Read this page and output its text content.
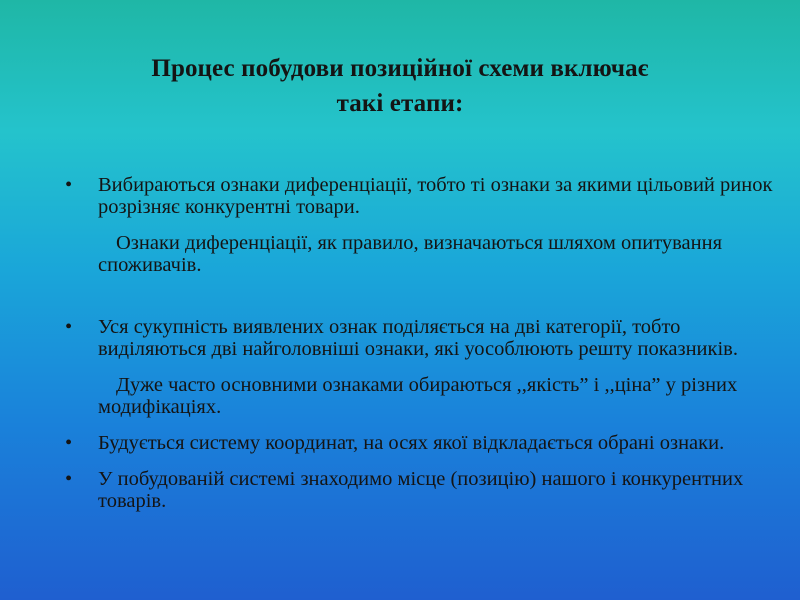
Процес побудови позиційної схеми включає
такі етапи:
• Вибираються ознаки диференціації, тобто ті ознаки за якими цільовий ринок розрізняє конкурентні товари.
Ознаки диференціації, як правило, визначаються шляхом опитування споживачів.
• Уся сукупність виявлених ознак поділяється на дві категорії, тобто виділяються дві найголовніші ознаки, які уособлюють решту показників.
Дуже часто основними ознаками обираються ,,якість” і ,,ціна” у різних модифікаціях.
• Будується систему координат, на осях якої відкладається обрані ознаки.
• У побудованій системі знаходимо місце (позицію) нашого і конкурентних товарів.
